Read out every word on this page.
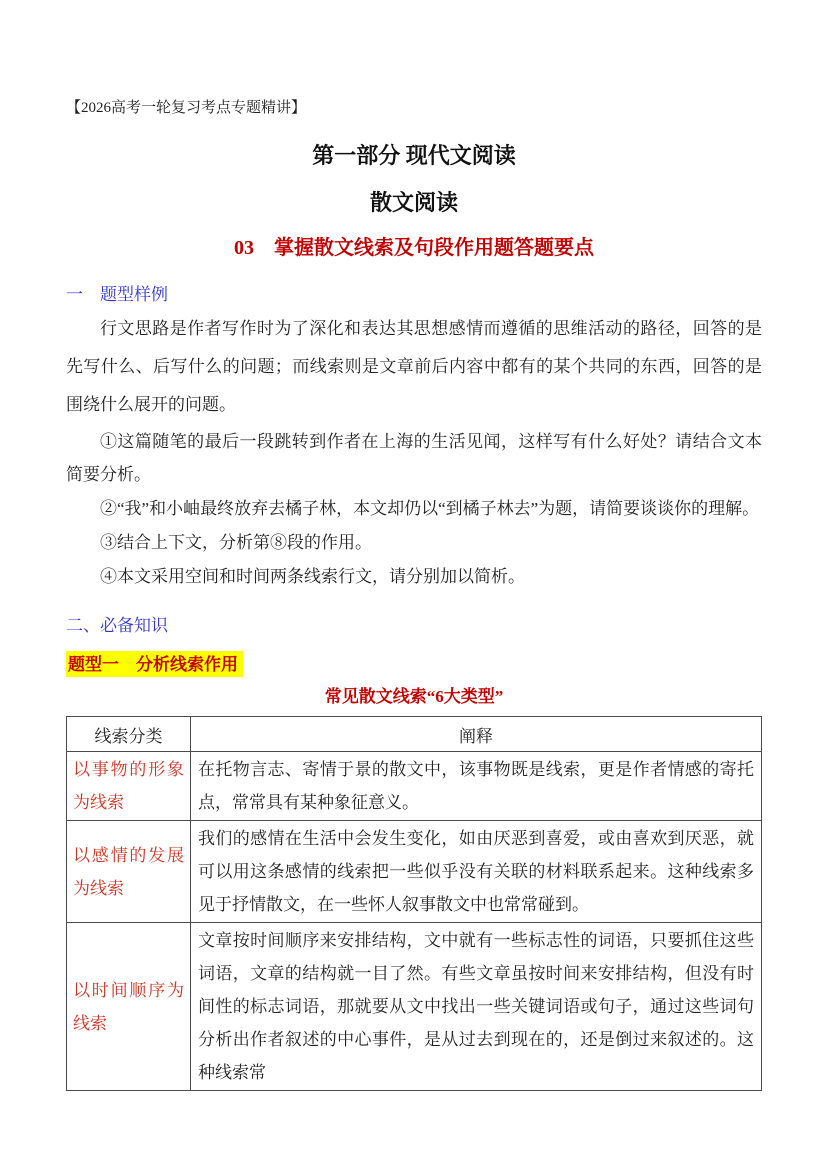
【2026高考一轮复习考点专题精讲】
第一部分 现代文阅读
散文阅读
03　掌握散文线索及句段作用题答题要点
一　题型样例

行文思路是作者写作时为了深化和表达其思想感情而遵循的思维活动的路径，回答的是先写什么、后写什么的问题；而线索则是文章前后内容中都有的某个共同的东西，回答的是围绕什么展开的问题。

①这篇随笔的最后一段跳转到作者在上海的生活见闻，这样写有什么好处？请结合文本简要分析。

②“我”和小岫最终放弃去橘子林，本文却仍以“到橘子林去”为题，请简要谈谈你的理解。

③结合上下文，分析第⑧段的作用。

④本文采用空间和时间两条线索行文，请分别加以简析。

二、必备知识
题型一　分析线索作用
常见散文线索“6大类型”
线索分类	阐释
以事物的形象为线索	在托物言志、寄情于景的散文中，该事物既是线索，更是作者情感的寄托点，常常具有某种象征意义。
以感情的发展为线索	我们的感情在生活中会发生变化，如由厌恶到喜爱，或由喜欢到厌恶，就可以用这条感情的线索把一些似乎没有关联的材料联系起来。这种线索多见于抒情散文，在一些怀人叙事散文中也常常碰到。
以时间顺序为线索	文章按时间顺序来安排结构，文中就有一些标志性的词语，只要抓住这些词语，文章的结构就一目了然。有些文章虽按时间来安排结构，但没有时间性的标志词语，那就要从文中找出一些关键词语或句子，通过这些词句分析出作者叙述的中心事件，是从过去到现在的，还是倒过来叙述的。这种线索常
